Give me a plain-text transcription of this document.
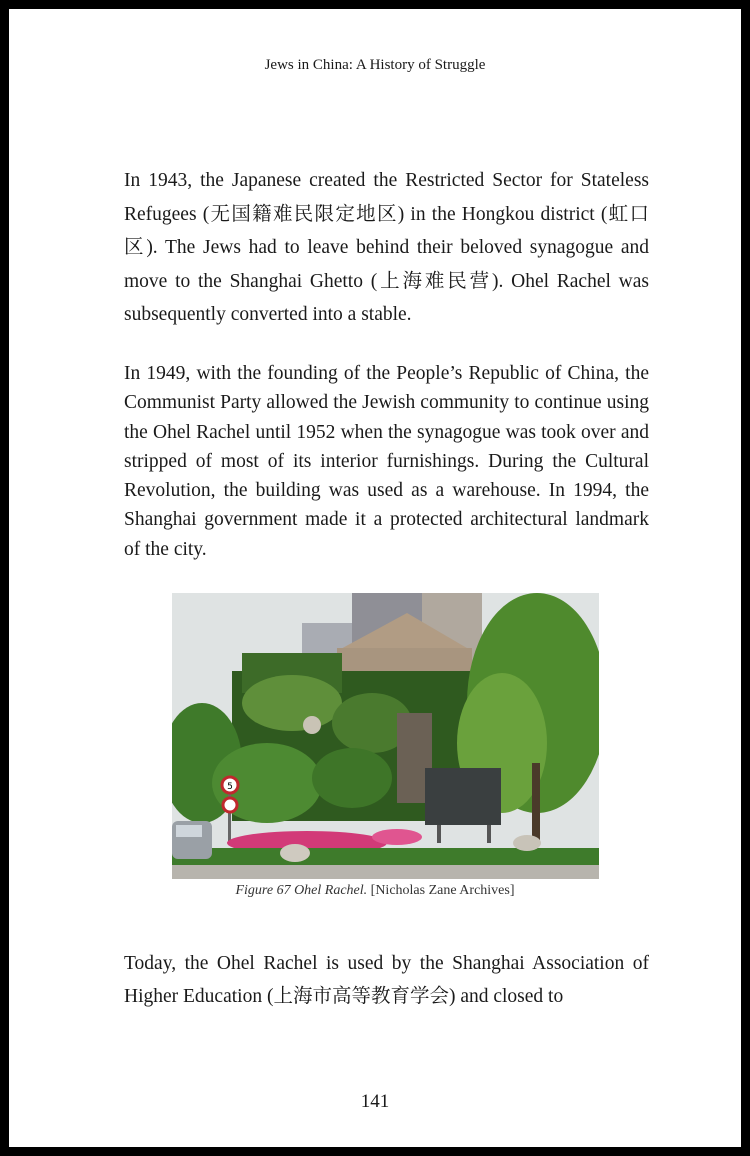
Jews in China: A History of Struggle

In 1943, the Japanese created the Restricted Sector for Stateless Refugees (无国籍难民限定地区) in the Hongkou district (虹口区). The Jews had to leave behind their beloved synagogue and move to the Shanghai Ghetto (上海难民营). Ohel Rachel was subsequently converted into a stable.

In 1949, with the founding of the People’s Republic of China, the Communist Party allowed the Jewish community to continue using the Ohel Rachel until 1952 when the synagogue was took over and stripped of most of its interior furnishings. During the Cultural Revolution, the building was used as a warehouse. In 1994, the Shanghai government made it a protected architectural landmark of the city.

5
Figure 67 Ohel Rachel. [Nicholas Zane Archives]

Today, the Ohel Rachel is used by the Shanghai Association of Higher Education (上海市高等教育学会) and closed to

141
